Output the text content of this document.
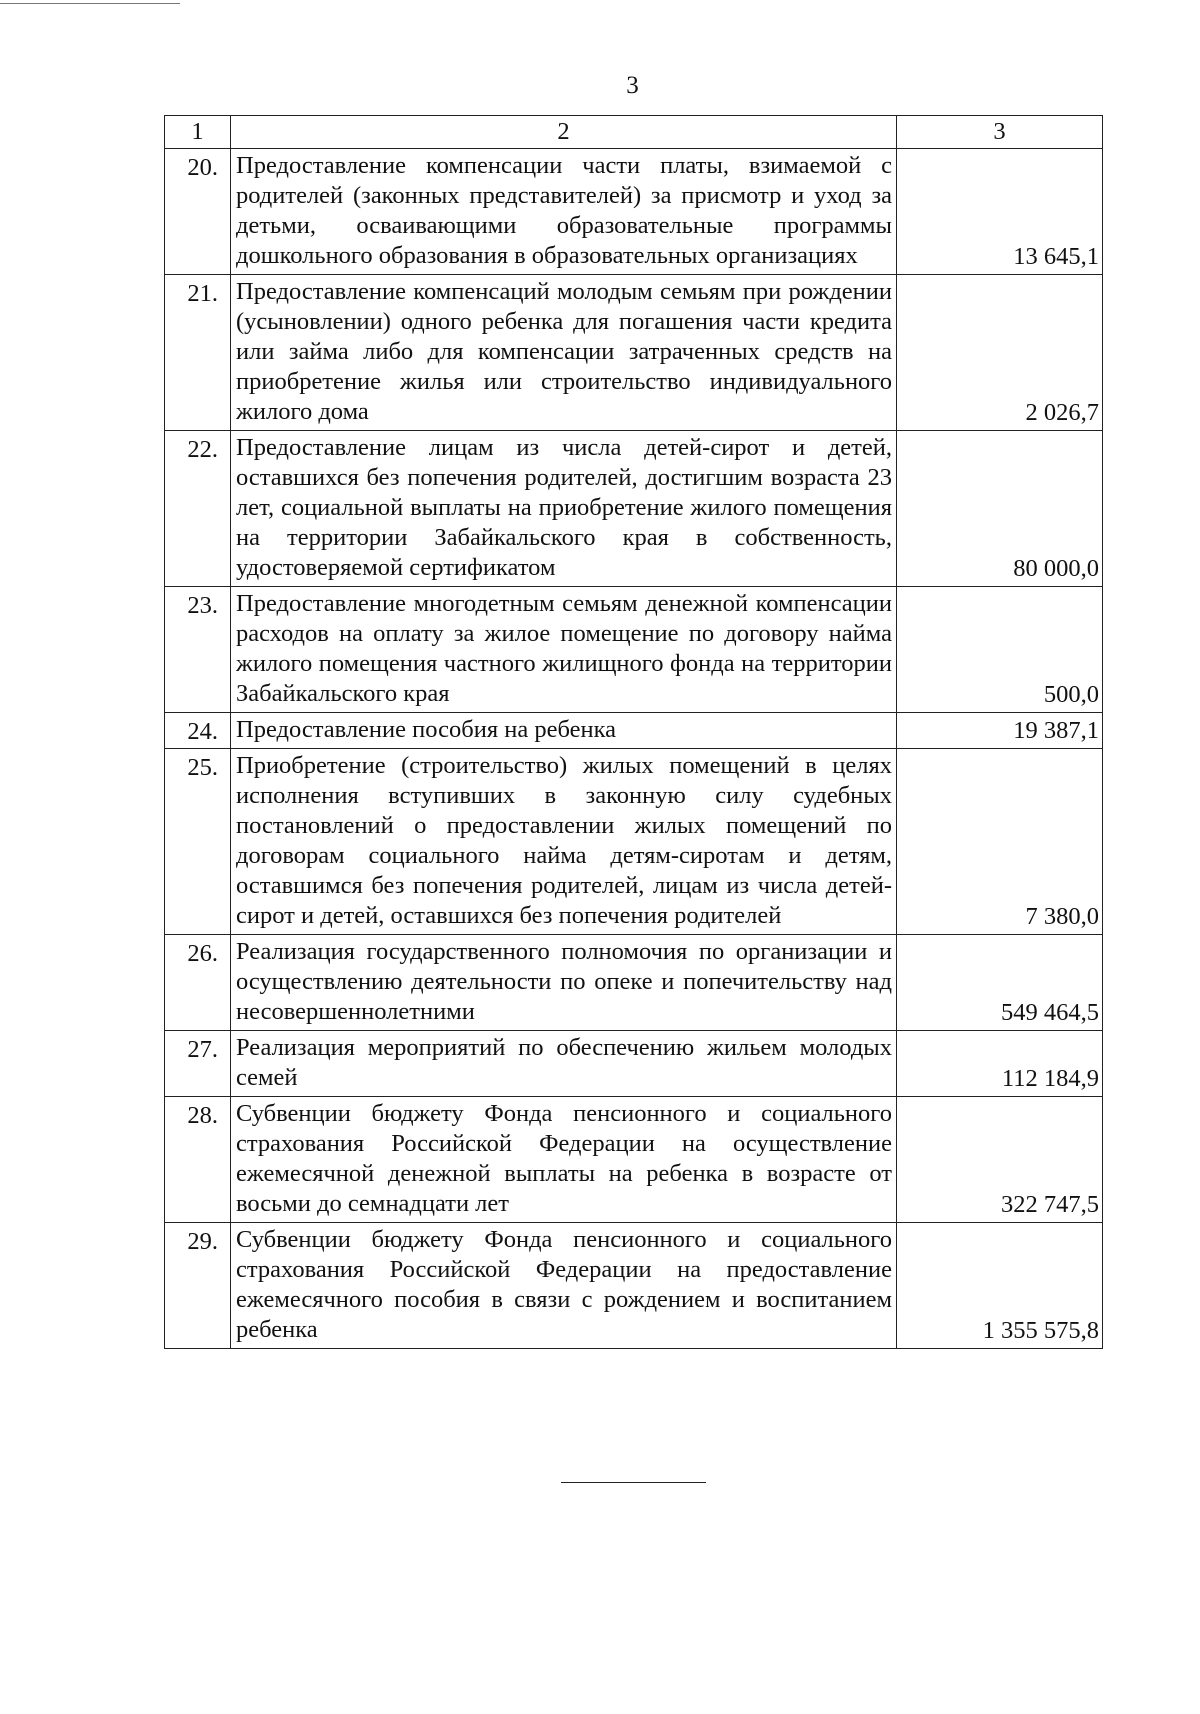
3
1	2	3
20.	Предоставление компенсации части платы, взимаемой с родителей (законных представителей) за присмотр и уход за детьми, осваивающими образовательные программы дошкольного образования в образовательных организациях	13 645,1
21.	Предоставление компенсаций молодым семьям при рождении (усыновлении) одного ребенка для погашения части кредита или займа либо для компенсации затраченных средств на приобретение жилья или строительство индивидуального жилого дома	2 026,7
22.	Предоставление лицам из числа детей-сирот и детей, оставшихся без попечения родителей, достигшим возраста 23 лет, социальной выплаты на приобретение жилого помещения на территории Забайкальского края в собственность, удостоверяемой сертификатом	80 000,0
23.	Предоставление многодетным семьям денежной компенсации расходов на оплату за жилое помещение по договору найма жилого помещения частного жилищного фонда на территории Забайкальского края	500,0
24.	Предоставление пособия на ребенка	19 387,1
25.	Приобретение (строительство) жилых помещений в целях исполнения вступивших в законную силу судебных постановлений о предоставлении жилых помещений по договорам социального найма детям-сиротам и детям, оставшимся без попечения родителей, лицам из числа детей-сирот и детей, оставшихся без попечения родителей	7 380,0
26.	Реализация государственного полномочия по организации и осуществлению деятельности по опеке и попечительству над несовершеннолетними	549 464,5
27.	Реализация мероприятий по обеспечению жильем молодых семей	112 184,9
28.	Субвенции бюджету Фонда пенсионного и социального страхования Российской Федерации на осуществление ежемесячной денежной выплаты на ребенка в возрасте от восьми до семнадцати лет	322 747,5
29.	Субвенции бюджету Фонда пенсионного и социального страхования Российской Федерации на предоставление ежемесячного пособия в связи с рождением и воспитанием ребенка	1 355 575,8
